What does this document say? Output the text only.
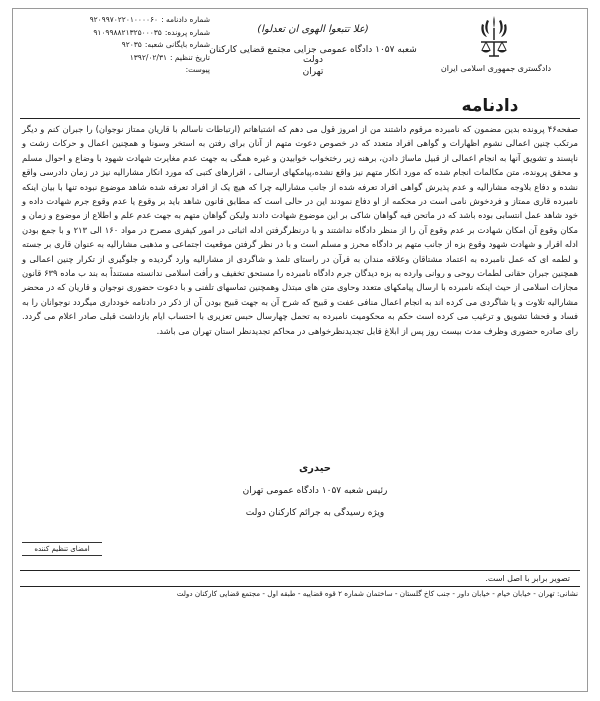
دادگستری جمهوری اسلامی ایران
(علا تتبعوا الهوی ان تعدلوا)
شعبه ۱۰۵۷ دادگاه عمومی جزایی مجتمع قضایی کارکنان دولت
تهران
شماره دادنامه :
۹۲۰۹۹۷۰۲۲۰۱۰۰۰۰۶۰
شماره پرونده:
۹۱۰۹۹۸۸۲۱۳۲۵۰۰۰۳۵
شماره بایگانی شعبه:
۹۲۰۳۵
تاریخ تنظیم :
۱۳۹۲/۰۲/۳۱
پیوست:
دادنامه

صفحه۴۶ پرونده بدین مضمون که نامبرده مرقوم داشتند من از امروز قول می دهم که اشتباهاتم (ارتباطات ناسالم با قاریان ممتاز نوجوان) را جبران کنم و دیگر مرتکب چنین اعمالی نشوم اظهارات و گواهی افراد متعدد که در خصوص دعوت متهم از آنان برای رفتن به استخر وسونا و همچنین اعمال و حرکات زشت و ناپسند و تشویق آنها به انجام اعمالی از قبیل ماساژ دادن، برهنه زیر رختخواب خوابیدن و غیره همگی به جهت عدم مغایرت شهادت شهود با وضاع و احوال مسلم و محقق پرونده، متن مکالمات انجام شده که مورد انکار متهم نیز واقع نشده،پیامکهای ارسالی ، اقرارهای کتبی که مورد انکار مشارالیه نیز در زمان دادرسی واقع نشده و دفاع بلاوجه مشارالیه و عدم پذیرش گواهی افراد تعرفه شده از جانب مشارالیه چرا که هیچ یک از افراد تعرفه شده شاهد موضوع نبوده تنها با بیان اینکه نامبرده قاری ممتاز و فردخوش نامی است در محکمه از او دفاع نمودند این در حالی است که مطابق قانون شاهد باید بر وقوع یا عدم وقوع جرم شهادت داده و خود شاهد عمل انتسابی بوده باشد که در ماتحن فیه گواهان شاکی بر این موضوع شهادت دادند وليکن گواهان متهم به جهت عدم علم و اطلاع از موضوع و زمان و مکان وقوع آن امکان شهادت بر عدم وقوع آن را از منظر دادگاه نداشتند و با درنظرگرفتن ادله اثباتی در امور کیفری مصرح در مواد ۱۶۰ الی ۲۱۳ و با جمع بودن ادله اقرار و شهادت شهود وقوع بزه از جانب متهم بر دادگاه محرز و مسلم است و با در نظر گرفتن موقعیت اجتماعی و مذهبی مشارالیه به عنوان قاری بر جسته و لطمه ای که عمل نامبرده به اعتماد مشتاقان وعلاقه مندان به قرآن در راستای تلمذ و شاگردی از مشارالیه وارد گردیده و جلوگیری از تکرار چنین اعمالی و همچنین جبران حقانی لطمات روحی و روانی وارده به بزه دیدگان جرم دادگاه نامبرده را مستحق تخفیف و رأفت اسلامی ندانسته مستنداً به بند ب ماده ۶۳۹ قانون مجازات اسلامی از حیث اینکه نامبرده با ارسال پیامکهای متعدد وحاوی متن های مبتذل وهمچنین تماسهای تلفنی و با دعوت حضوری نوجوان و قاریان که در محضر مشارالیه تلاوت و یا شاگردی می کرده اند به انجام اعمال منافی عفت و قبیح که شرح آن به جهت قبیح بودن آن از ذکر در دادنامه خودداری میگردد نوجوانان را به فساد و فحشا تشویق و ترغیب می کرده است حکم به محکومیت نامبرده به تحمل چهارسال حبس تعزیری با احتساب ایام بازداشت قبلی صادر اعلام می گردد. رای صادره حضوری وظرف مدت بیست روز پس از ابلاغ قابل تجدیدنظرخواهی در محاکم تجدیدنظر استان تهران می باشد.

حیدری
رئیس شعبه ۱۰۵۷ دادگاه عمومی تهران
ویژه رسیدگی به جرائم کارکنان دولت
امضای تنظیم کننده
تصویر برابر با اصل است.
نشانی: تهران - خیابان خیام - خیابان داور - جنب کاخ گلستان - ساختمان شماره ۲ قوه قضاییه - طبقه اول - مجتمع قضایی کارکنان دولت
